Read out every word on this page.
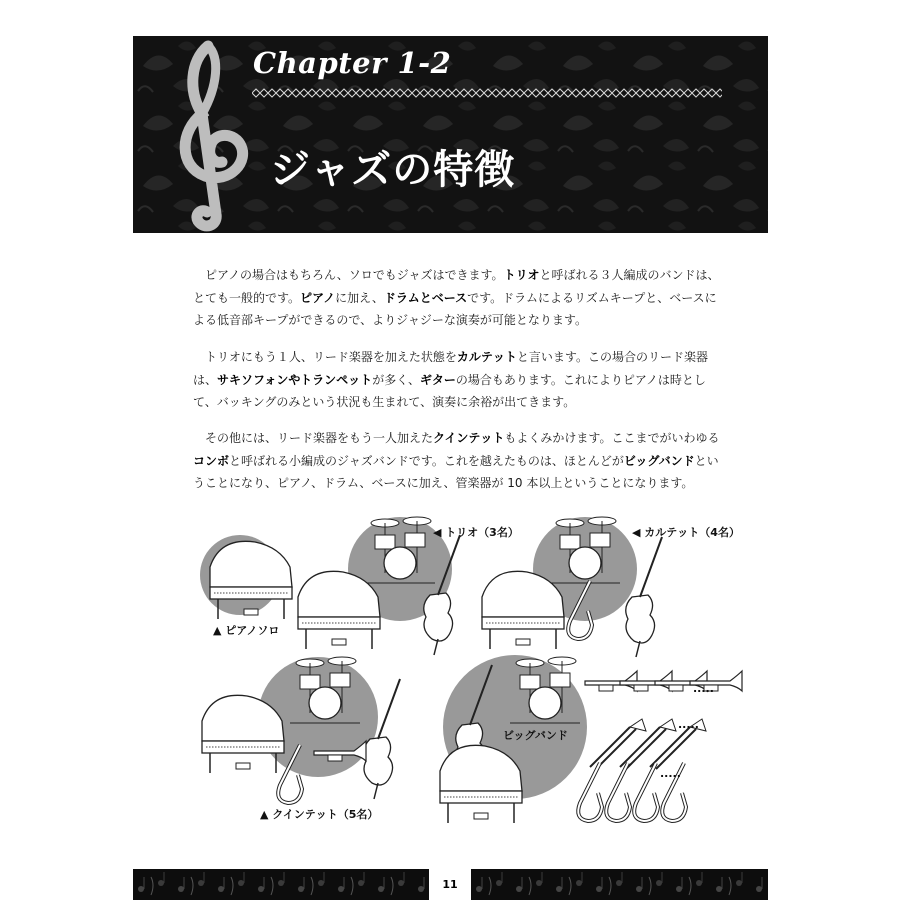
Chapter 1-2
ジャズの特徴

ピアノの場合はもちろん、ソロでもジャズはできます。トリオと呼ばれる３人編成のバンドは、とても一般的です。ピアノに加え、ドラムとベースです。ドラムによるリズムキープと、ベースによる低音部キープができるので、よりジャジーな演奏が可能となります。

トリオにもう１人、リード楽器を加えた状態をカルテットと言います。この場合のリード楽器は、サキソフォンやトランペットが多く、ギターの場合もあります。これによりピアノは時として、バッキングのみという状況も生まれて、演奏に余裕が出てきます。

その他には、リード楽器をもう一人加えたクインテットもよくみかけます。ここまでがいわゆるコンボと呼ばれる小編成のジャズバンドです。これを越えたものは、ほとんどがビッグバンドということになり、ピアノ、ドラム、ベースに加え、管楽器が 10 本以上ということになります。

▲ ピアノソロ
◀ トリオ（3名）	◀ カルテット（4名）
▲ クインテット（5名）
ビッグバンド
.....
.....
.....
11
